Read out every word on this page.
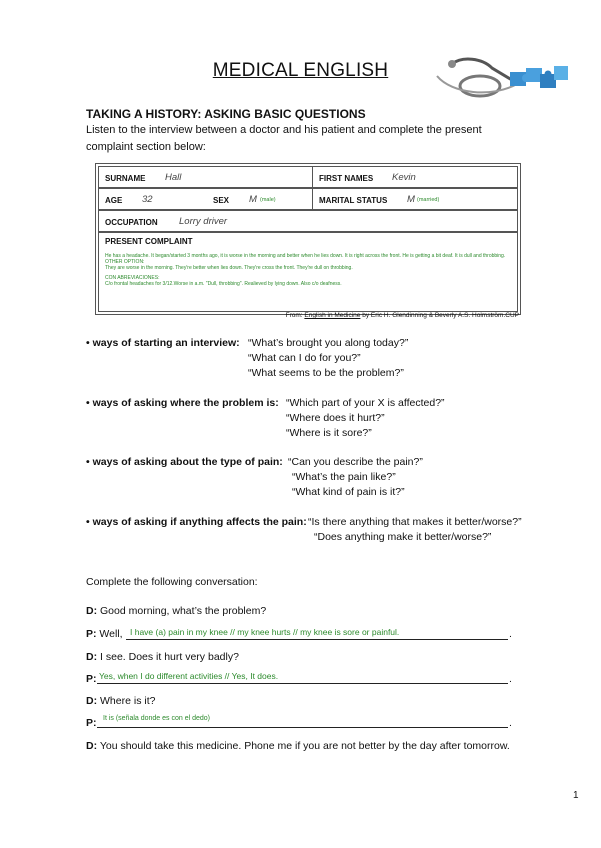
MEDICAL ENGLISH
TAKING A HISTORY: ASKING BASIC QUESTIONS
Listen to the interview between a doctor and his patient and complete the present complaint section below:
SURNAME Hall	FIRST NAMES Kevin
AGE 32	SEX M (male)	MARITAL STATUS M (married)
OCCUPATION Lorry driver
PRESENT COMPLAINT
He has a headache. It began/started 3 months ago, it is worse in the morning and better when he lies down. It is right across the front. He is getting a bit deaf. It is dull and throbbing.
OTHER OPTION:
They are worse in the morning. They're better when lies down. They're cross the front. They're dull on throbbing.
CON ABREVIACIONES:
C/o frontal headaches for 3/12.Worse in a.m. "Dull, throbbing". Realieved by lying down. Also c/o deafness.
From: English in Medicine by Eric H. Glendinning & Beverly A.S. Holmström.CUP
• ways of starting an interview: “What’s brought you along today?”
“What can I do for you?”
“What seems to be the problem?”
• ways of asking where the problem is: “Which part of your X is affected?”
“Where does it hurt?”
“Where is it sore?”
• ways of asking about the type of pain: “Can you describe the pain?”
“What’s the pain like?”
“What kind of pain is it?”
• ways of asking if anything affects the pain: “Is there anything that makes it better/worse?”
“Does anything make it better/worse?”
Complete the following conversation:
D: Good morning, what’s the problem?
P: Well, I have (a) pain in my knee // my knee hurts // my knee is sore or painful.	.
D: I see. Does it hurt very badly?
P: Yes, when I do different activities // Yes, It does.	.
D: Where is it?
P: It is (señala donde es con el dedo)	.
D: You should take this medicine. Phone me if you are not better by the day after tomorrow.
1
